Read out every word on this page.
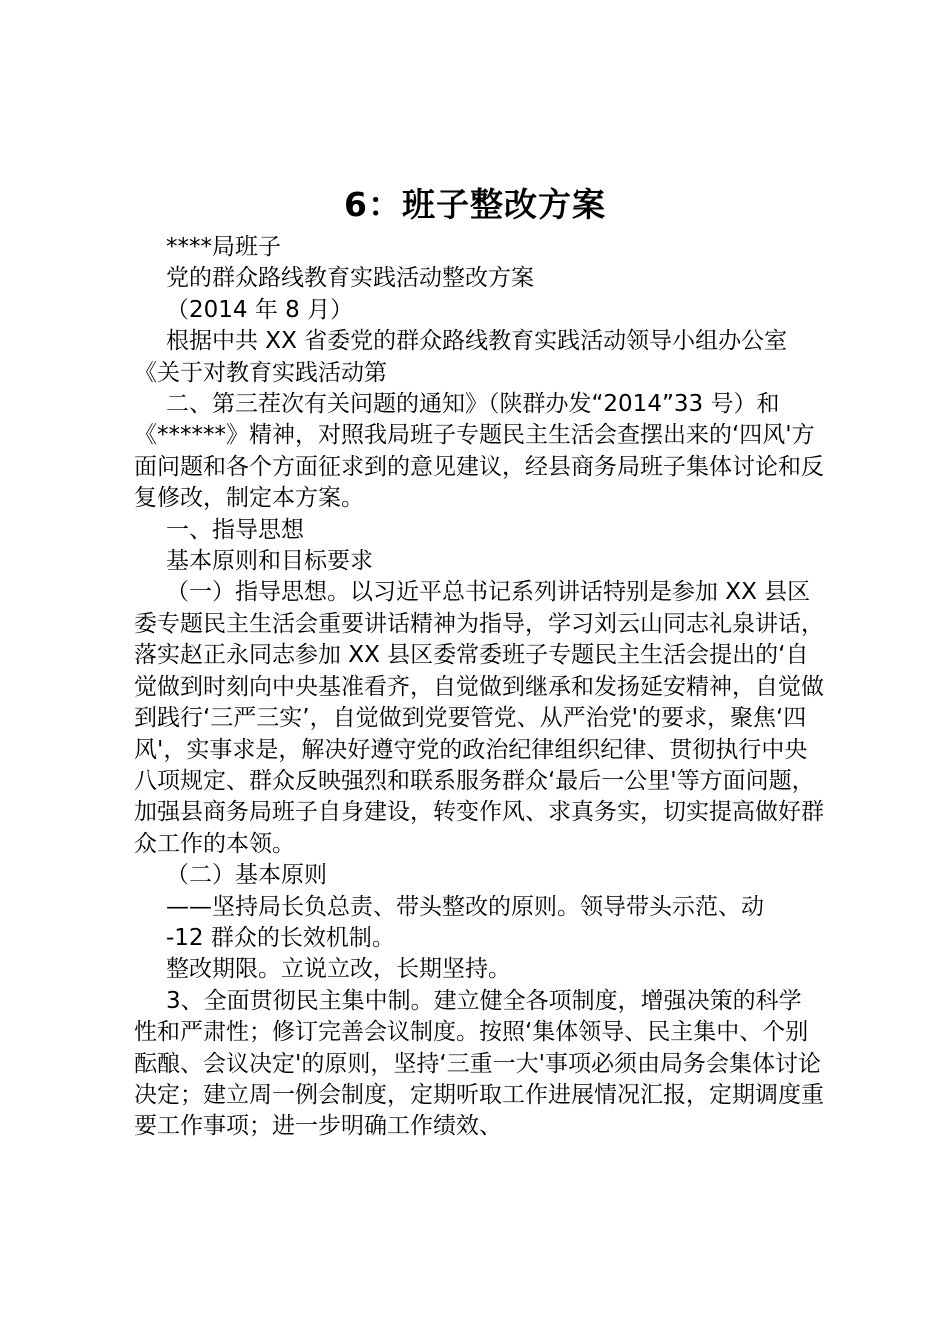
6：班子整改方案

****局班子

党的群众路线教育实践活动整改方案

（2014 年 8 月）

根据中共 XX 省委党的群众路线教育实践活动领导小组办公室《关于对教育实践活动第

二、第三茬次有关问题的通知》（陕群办发“2014”33 号）和《******》精神，对照我局班子专题民主生活会查摆出来的‘四风'方面问题和各个方面征求到的意见建议，经县商务局班子集体讨论和反复修改，制定本方案。

一、指导思想

基本原则和目标要求

（一）指导思想。以习近平总书记系列讲话特别是参加 XX 县区委专题民主生活会重要讲话精神为指导，学习刘云山同志礼泉讲话，落实赵正永同志参加 XX 县区委常委班子专题民主生活会提出的‘自觉做到时刻向中央基准看齐，自觉做到继承和发扬延安精神，自觉做到践行‘三严三实’，自觉做到党要管党、从严治党'的要求，聚焦‘四风'，实事求是，解决好遵守党的政治纪律组织纪律、贯彻执行中央八项规定、群众反映强烈和联系服务群众‘最后一公里'等方面问题，加强县商务局班子自身建设，转变作风、求真务实，切实提高做好群众工作的本领。

（二）基本原则

——坚持局长负总责、带头整改的原则。领导带头示范、动

-12 群众的长效机制。

整改期限。立说立改，长期坚持。

3、全面贯彻民主集中制。建立健全各项制度，增强决策的科学性和严肃性；修订完善会议制度。按照‘集体领导、民主集中、个别酝酿、会议决定'的原则，坚持‘三重一大'事项必须由局务会集体讨论决定；建立周一例会制度，定期听取工作进展情况汇报，定期调度重要工作事项；进一步明确工作绩效、
